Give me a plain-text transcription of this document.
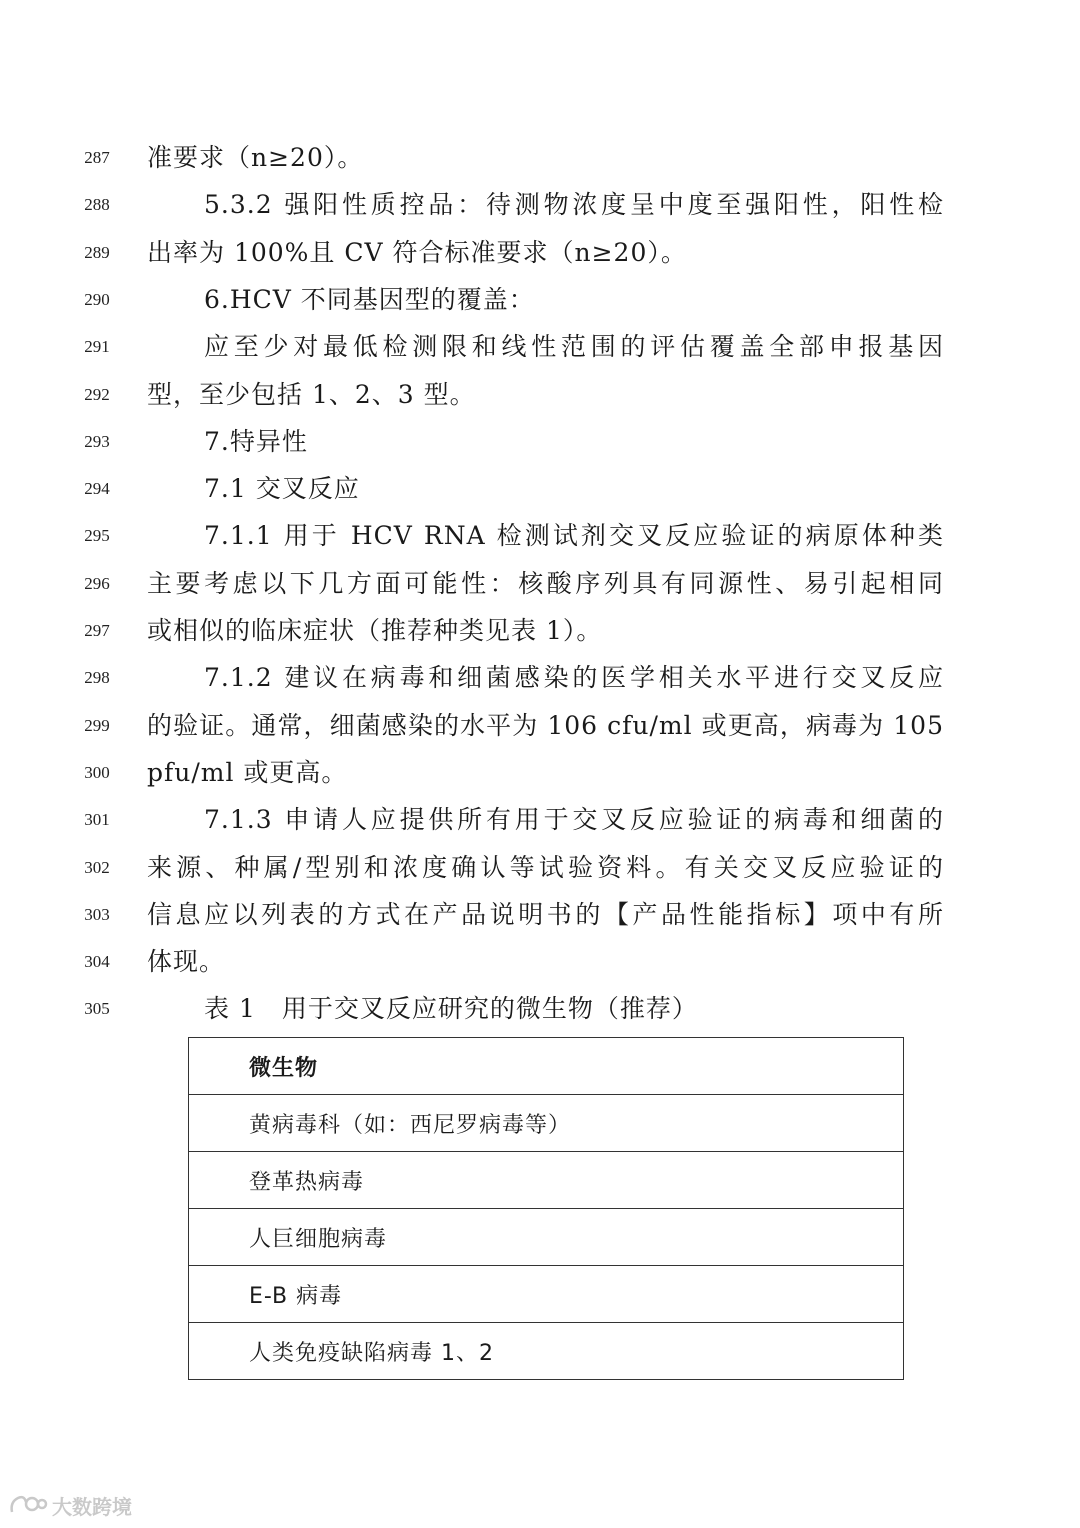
287	准要求（n≥20）。
288	5.3.2 强阳性质控品：待测物浓度呈中度至强阳性，阳性检
289	出率为 100%且 CV 符合标准要求（n≥20）。
290	6.HCV 不同基因型的覆盖：
291	应至少对最低检测限和线性范围的评估覆盖全部申报基因
292	型，至少包括 1、2、3 型。
293	7.特异性
294	7.1 交叉反应
295	7.1.1 用于 HCV RNA 检测试剂交叉反应验证的病原体种类
296	主要考虑以下几方面可能性：核酸序列具有同源性、易引起相同
297	或相似的临床症状（推荐种类见表 1）。
298	7.1.2 建议在病毒和细菌感染的医学相关水平进行交叉反应
299	的验证。通常，细菌感染的水平为 106 cfu/ml 或更高，病毒为 105
300	pfu/ml 或更高。
301	7.1.3 申请人应提供所有用于交叉反应验证的病毒和细菌的
302	来源、种属/型别和浓度确认等试验资料。有关交叉反应验证的
303	信息应以列表的方式在产品说明书的【产品性能指标】项中有所
304	体现。
305	表 1　用于交叉反应研究的微生物（推荐）
微生物
黄病毒科（如：西尼罗病毒等）
登革热病毒
人巨细胞病毒
E-B 病毒
人类免疫缺陷病毒 1、2
大数跨境
